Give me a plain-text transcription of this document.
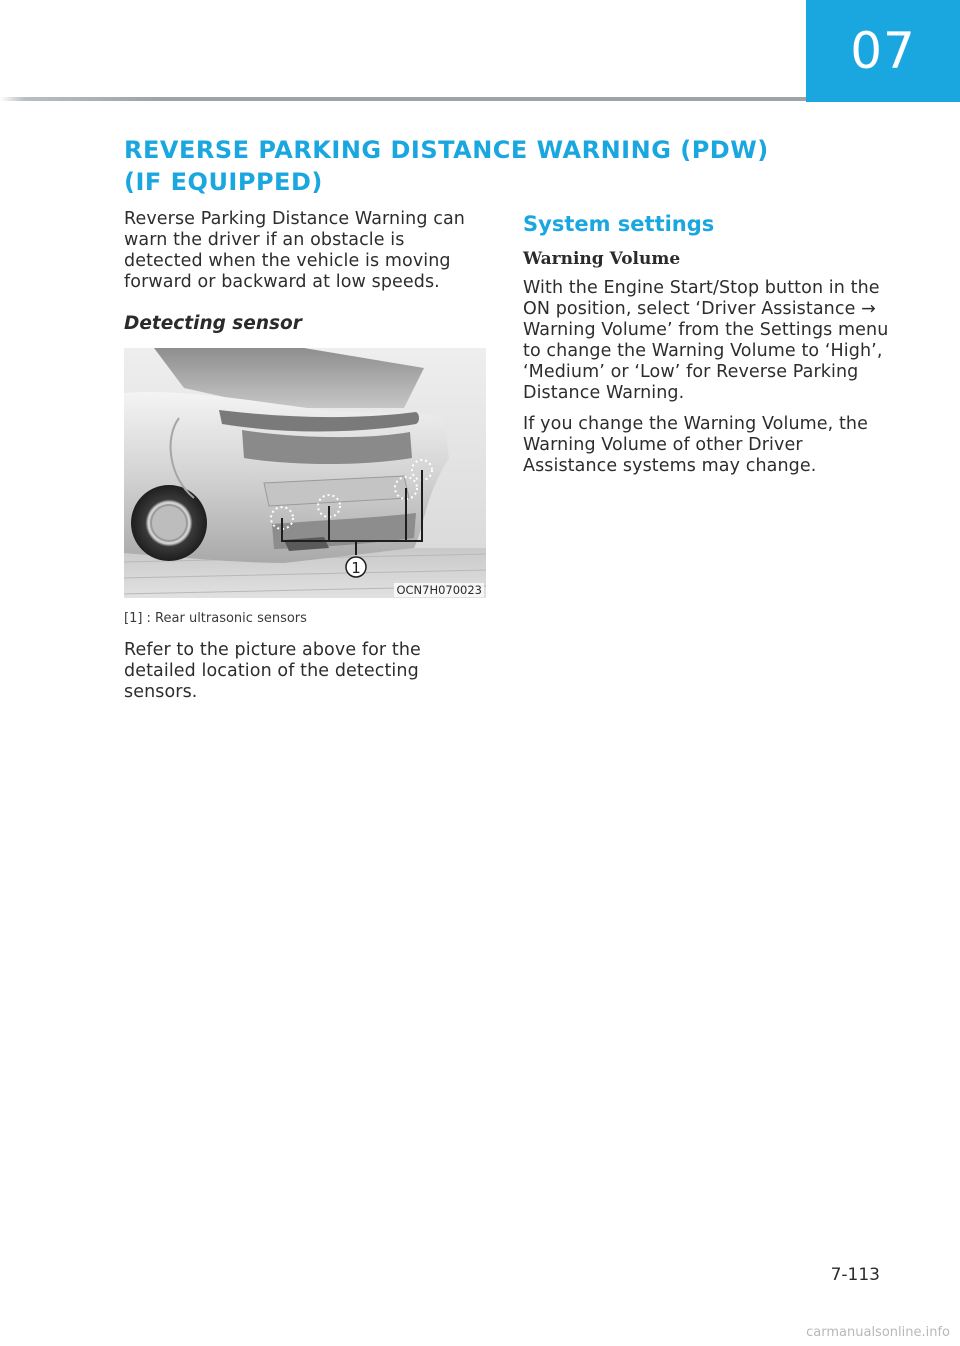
07
REVERSE PARKING DISTANCE WARNING (PDW)
(IF EQUIPPED)

Reverse Parking Distance Warning can warn the driver if an obstacle is detected when the vehicle is moving forward or backward at low speeds.

Detecting sensor
1
OCN7H070023

[1] : Rear ultrasonic sensors

Refer to the picture above for the detailed location of the detecting sensors.

System settings
Warning Volume

With the Engine Start/Stop button in the ON position, select ‘Driver Assistance → Warning Volume’ from the Settings menu to change the Warning Volume to ‘High’, ‘Medium’ or ‘Low’ for Reverse Parking Distance Warning.

If you change the Warning Volume, the Warning Volume of other Driver Assistance systems may change.

7-113
carmanualsonline.info
